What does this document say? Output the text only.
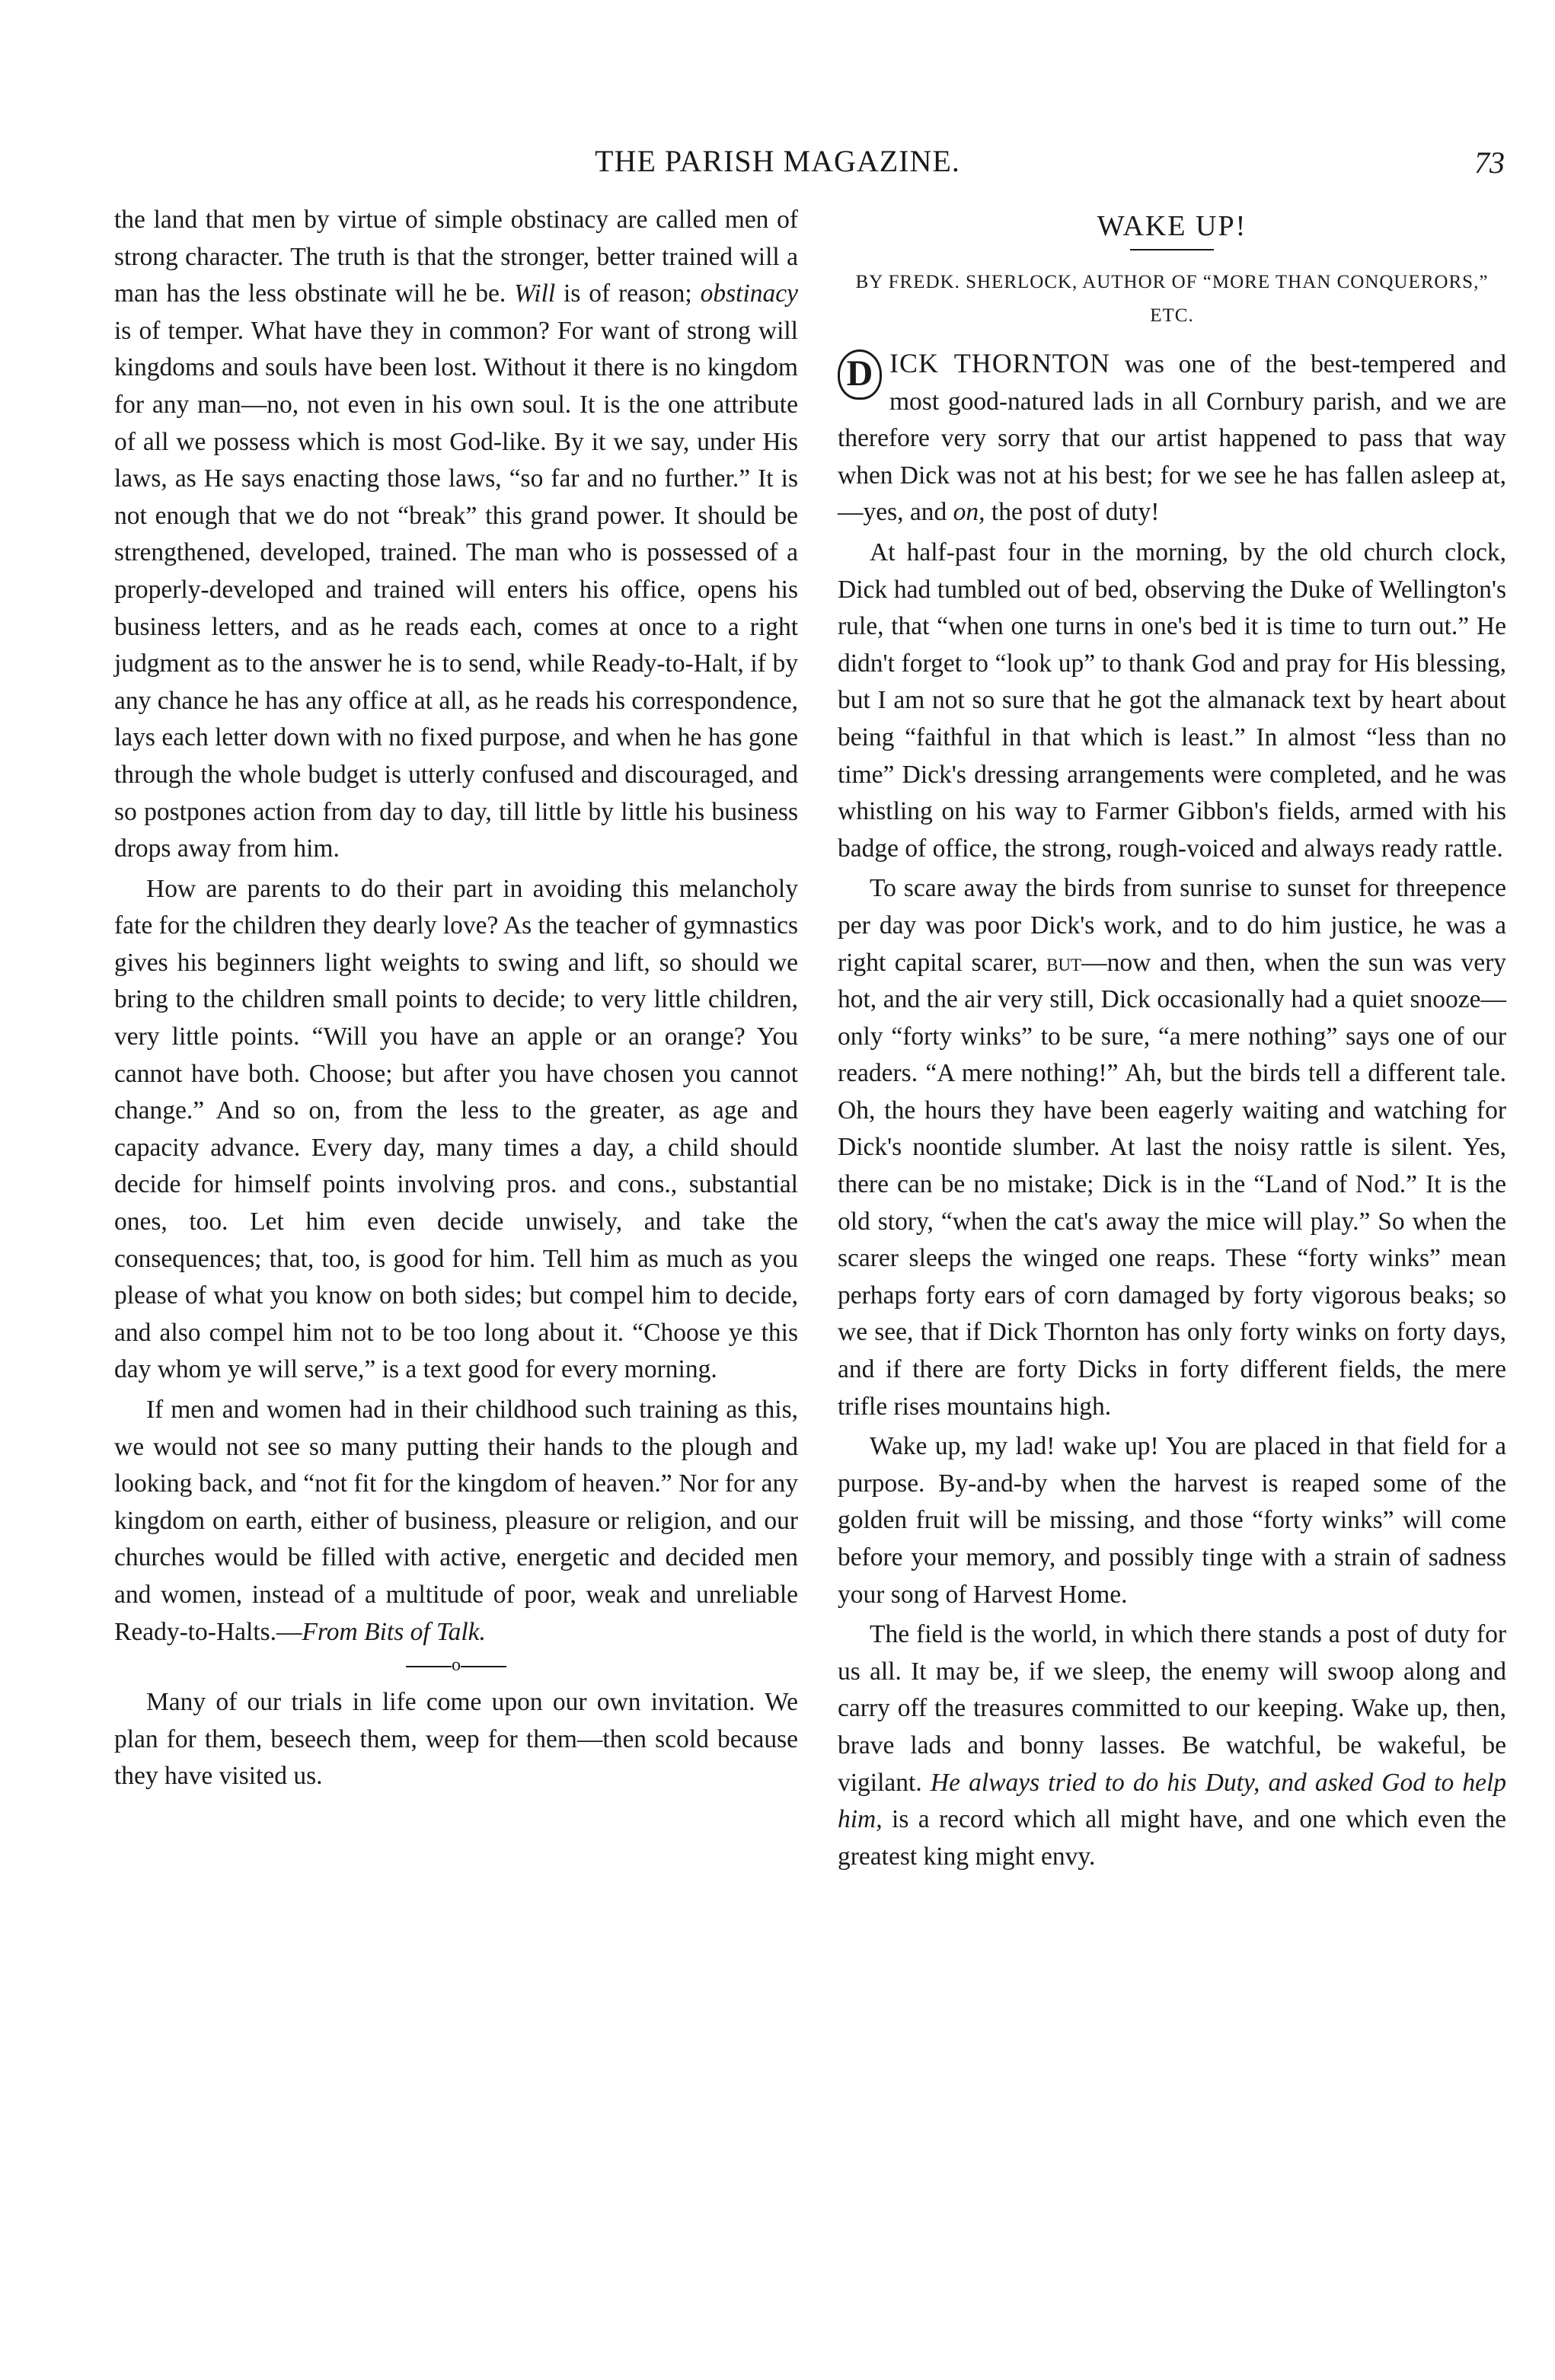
THE PARISH MAGAZINE.	73

the land that men by virtue of simple obstinacy are called men of strong character. The truth is that the stronger, better trained will a man has the less obstinate will he be. Will is of reason; obstinacy is of temper. What have they in common? For want of strong will kingdoms and souls have been lost. Without it there is no kingdom for any man—no, not even in his own soul. It is the one attribute of all we possess which is most God-like. By it we say, under His laws, as He says enacting those laws, “so far and no further.” It is not enough that we do not “break” this grand power. It should be strengthened, developed, trained. The man who is possessed of a properly-developed and trained will enters his office, opens his business letters, and as he reads each, comes at once to a right judgment as to the answer he is to send, while Ready-to-Halt, if by any chance he has any office at all, as he reads his correspondence, lays each letter down with no fixed purpose, and when he has gone through the whole budget is utterly confused and discouraged, and so postpones action from day to day, till little by little his business drops away from him.

How are parents to do their part in avoiding this melancholy fate for the children they dearly love? As the teacher of gymnastics gives his beginners light weights to swing and lift, so should we bring to the children small points to decide; to very little children, very little points. “Will you have an apple or an orange? You cannot have both. Choose; but after you have chosen you cannot change.” And so on, from the less to the greater, as age and capacity advance. Every day, many times a day, a child should decide for himself points involving pros. and cons., substantial ones, too. Let him even decide unwisely, and take the consequences; that, too, is good for him. Tell him as much as you please of what you know on both sides; but compel him to decide, and also compel him not to be too long about it. “Choose ye this day whom ye will serve,” is a text good for every morning.

If men and women had in their childhood such training as this, we would not see so many putting their hands to the plough and looking back, and “not fit for the kingdom of heaven.” Nor for any kingdom on earth, either of business, pleasure or religion, and our churches would be filled with active, energetic and decided men and women, instead of a multitude of poor, weak and unreliable Ready-to-Halts.—From Bits of Talk.

o

Many of our trials in life come upon our own invitation. We plan for them, beseech them, weep for them—then scold because they have visited us.

WAKE UP!
BY FREDK. SHERLOCK, AUTHOR OF “MORE THAN CONQUERORS,” ETC.

D ICK THORNTON was one of the best-tempered and most good-natured lads in all Cornbury parish, and we are therefore very sorry that our artist happened to pass that way when Dick was not at his best; for we see he has fallen asleep at,—yes, and on, the post of duty!

At half-past four in the morning, by the old church clock, Dick had tumbled out of bed, observing the Duke of Wellington's rule, that “when one turns in one's bed it is time to turn out.” He didn't forget to “look up” to thank God and pray for His blessing, but I am not so sure that he got the almanack text by heart about being “faithful in that which is least.” In almost “less than no time” Dick's dressing arrangements were completed, and he was whistling on his way to Farmer Gibbon's fields, armed with his badge of office, the strong, rough-voiced and always ready rattle.

To scare away the birds from sunrise to sunset for threepence per day was poor Dick's work, and to do him justice, he was a right capital scarer, but—now and then, when the sun was very hot, and the air very still, Dick occasionally had a quiet snooze—only “forty winks” to be sure, “a mere nothing” says one of our readers. “A mere nothing!” Ah, but the birds tell a different tale. Oh, the hours they have been eagerly waiting and watching for Dick's noontide slumber. At last the noisy rattle is silent. Yes, there can be no mistake; Dick is in the “Land of Nod.” It is the old story, “when the cat's away the mice will play.” So when the scarer sleeps the winged one reaps. These “forty winks” mean perhaps forty ears of corn damaged by forty vigorous beaks; so we see, that if Dick Thornton has only forty winks on forty days, and if there are forty Dicks in forty different fields, the mere trifle rises mountains high.

Wake up, my lad! wake up! You are placed in that field for a purpose. By-and-by when the harvest is reaped some of the golden fruit will be missing, and those “forty winks” will come before your memory, and possibly tinge with a strain of sadness your song of Harvest Home.

The field is the world, in which there stands a post of duty for us all. It may be, if we sleep, the enemy will swoop along and carry off the treasures committed to our keeping. Wake up, then, brave lads and bonny lasses. Be watchful, be wakeful, be vigilant. He always tried to do his Duty, and asked God to help him, is a record which all might have, and one which even the greatest king might envy.
